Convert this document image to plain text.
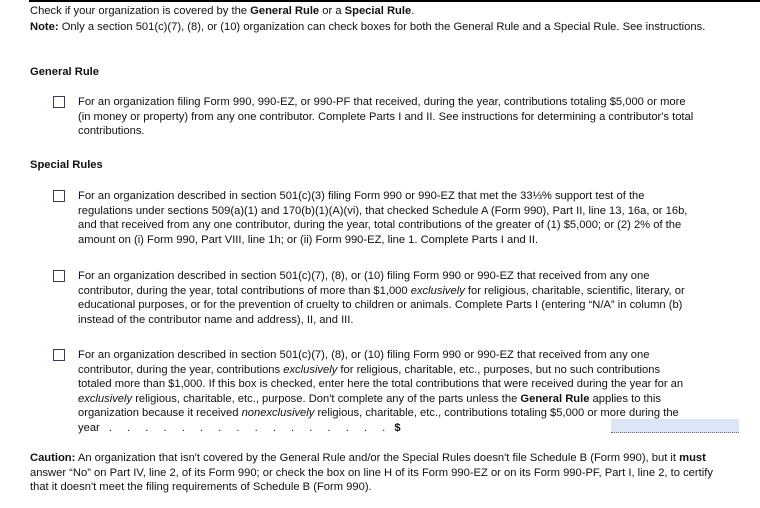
Check if your organization is covered by the General Rule or a Special Rule.

Note: Only a section 501(c)(7), (8), or (10) organization can check boxes for both the General Rule and a Special Rule. See instructions.

General Rule
For an organization filing Form 990, 990-EZ, or 990-PF that received, during the year, contributions totaling $5,000 or more (in money or property) from any one contributor. Complete Parts I and II. See instructions for determining a contributor's total contributions.
Special Rules
For an organization described in section 501(c)(3) filing Form 990 or 990-EZ that met the 33⅓% support test of the regulations under sections 509(a)(1) and 170(b)(1)(A)(vi), that checked Schedule A (Form 990), Part II, line 13, 16a, or 16b, and that received from any one contributor, during the year, total contributions of the greater of (1) $5,000; or (2) 2% of the amount on (i) Form 990, Part VIII, line 1h; or (ii) Form 990-EZ, line 1. Complete Parts I and II.
For an organization described in section 501(c)(7), (8), or (10) filing Form 990 or 990-EZ that received from any one contributor, during the year, total contributions of more than $1,000 exclusively for religious, charitable, scientific, literary, or educational purposes, or for the prevention of cruelty to children or animals. Complete Parts I (entering “N/A” in column (b) instead of the contributor name and address), II, and III.
For an organization described in section 501(c)(7), (8), or (10) filing Form 990 or 990-EZ that received from any one contributor, during the year, contributions exclusively for religious, charitable, etc., purposes, but no such contributions totaled more than $1,000. If this box is checked, enter here the total contributions that were received during the year for an exclusively religious, charitable, etc., purpose. Don't complete any of the parts unless the General Rule applies to this organization because it received nonexclusively religious, charitable, etc., contributions totaling $5,000 or more during the year . . . . . . . . . . . . . . . . $

Caution: An organization that isn't covered by the General Rule and/or the Special Rules doesn't file Schedule B (Form 990), but it must answer “No” on Part IV, line 2, of its Form 990; or check the box on line H of its Form 990-EZ or on its Form 990-PF, Part I, line 2, to certify that it doesn't meet the filing requirements of Schedule B (Form 990).
